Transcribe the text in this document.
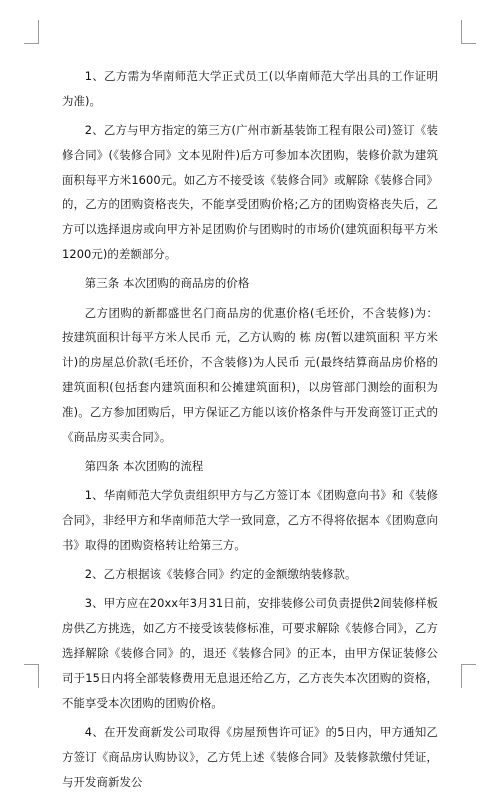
1、乙方需为华南师范大学正式员工(以华南师范大学出具的工作证明为准)。

2、乙方与甲方指定的第三方(广州市新基装饰工程有限公司)签订《装修合同》(《装修合同》文本见附件)后方可参加本次团购，装修价款为建筑面积每平方米1600元。如乙方不接受该《装修合同》或解除《装修合同》的，乙方的团购资格丧失，不能享受团购价格;乙方的团购资格丧失后，乙方可以选择退房或向甲方补足团购价与团购时的市场价(建筑面积每平方米1200元)的差额部分。

第三条 本次团购的商品房的价格

乙方团购的新都盛世名门商品房的优惠价格(毛坯价，不含装修)为：按建筑面积计每平方米人民币 元，乙方认购的 栋 房(暂以建筑面积 平方米计)的房屋总价款(毛坯价，不含装修)为人民币 元(最终结算商品房价格的建筑面积(包括套内建筑面积和公摊建筑面积)，以房管部门测绘的面积为准)。乙方参加团购后，甲方保证乙方能以该价格条件与开发商签订正式的《商品房买卖合同》。

第四条 本次团购的流程

1、华南师范大学负责组织甲方与乙方签订本《团购意向书》和《装修合同》，非经甲方和华南师范大学一致同意，乙方不得将依据本《团购意向书》取得的团购资格转让给第三方。

2、乙方根据该《装修合同》约定的金额缴纳装修款。

3、甲方应在20xx年3月31日前，安排装修公司负责提供2间装修样板房供乙方挑选，如乙方不接受该装修标准，可要求解除《装修合同》，乙方选择解除《装修合同》的，退还《装修合同》的正本，由甲方保证装修公司于15日内将全部装修费用无息退还给乙方，乙方丧失本次团购的资格，不能享受本次团购的团购价格。

4、在开发商新发公司取得《房屋预售许可证》的5日内，甲方通知乙方签订《商品房认购协议》，乙方凭上述《装修合同》及装修款缴付凭证，与开发商新发公
